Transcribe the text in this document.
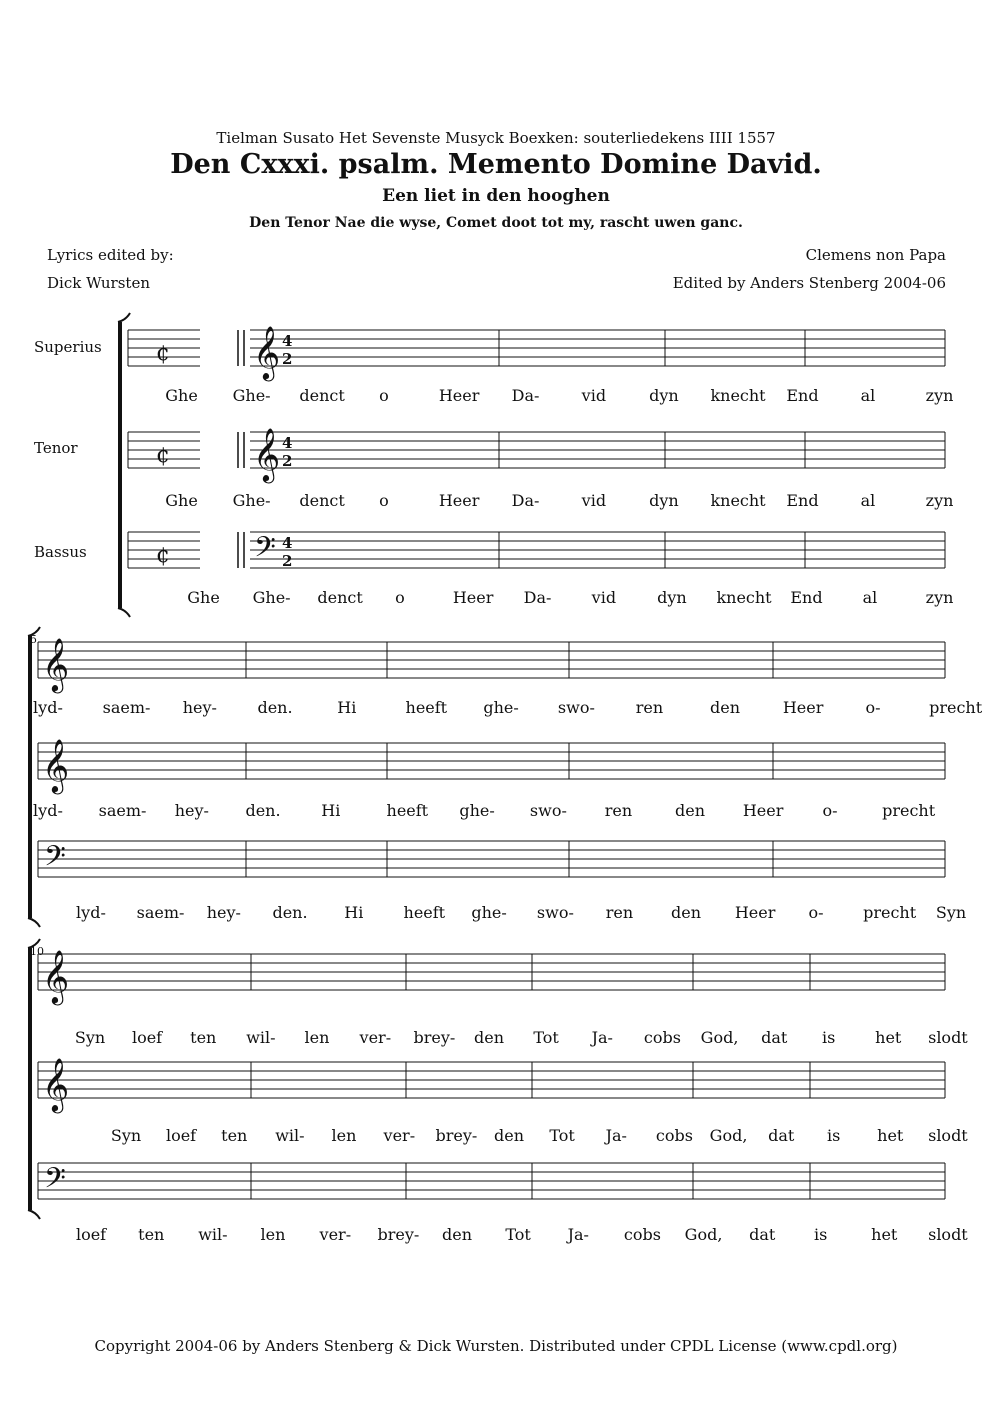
Tielman Susato Het Sevenste Musyck Boexken: souterliedekens IIII 1557
Den Cxxxi. psalm. Memento Domine David.
Een liet in den hooghen
Den Tenor Nae die wyse, Comet doot tot my, rascht uwen ganc.
Lyrics edited by:
Dick Wursten
Clemens non Papa
Edited by Anders Stenberg 2004-06
Superius
Tenor
Bassus
5
10
¢	4
2
𝄞
¢	4
2
𝄞
¢	4
2
𝄢
𝄞
𝄞
𝄢
𝄞
𝄞
𝄢
Ghe Ghe- denct o	Heer Da-	vid	dyn knecht End	al	zyn
Ghe Ghe- denct o	Heer Da-	vid	dyn knecht End	al	zyn
Ghe Ghe- denct o	Heer Da-	vid	dyn knecht End	al	zyn
lyd- saem- hey-	den.	Hi	heeft ghe- swo-	ren	den	Heer	o-	precht
lyd- saem- hey- den.	Hi	heeft ghe- swo- ren	den Heer o-	precht
lyd- saem- hey- den. Hi	heeft ghe- swo- ren den Heer o- precht Syn
Syn loef ten wil- len ver- brey- den Tot Ja- cobs God, dat is het slodt
Syn loef ten wil- len ver- brey- den Tot Ja- cobs God, dat is het slodt
loef ten wil- len ver- brey- den Tot Ja- cobs God, dat is	het slodt
Copyright 2004-06 by Anders Stenberg & Dick Wursten. Distributed under CPDL License (www.cpdl.org)
